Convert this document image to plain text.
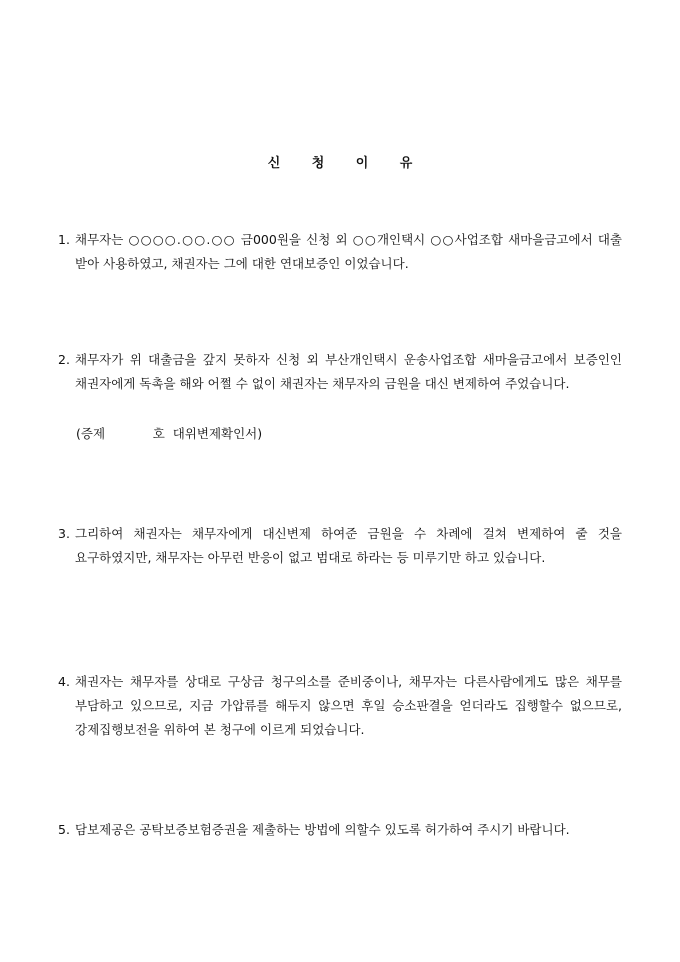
신	청	이	유
1. 채무자는 ○○○○.○○.○○ 금000원을 신청 외 ○○개인택시 ○○사업조합 새마을금고에서 대출 받아 사용하였고, 채권자는 그에 대한 연대보증인 이었습니다.
2. 채무자가 위 대출금을 갚지 못하자 신청 외 부산개인택시 운송사업조합 새마을금고에서 보증인인 채권자에게 독촉을 해와 어쩔 수 없이 채권자는 채무자의 금원을 대신 변제하여 주었습니다.
(증제            호  대위변제확인서)
3. 그리하여 채권자는 채무자에게 대신변제 하여준 금원을 수 차례에 걸쳐 변제하여 줄 것을 요구하였지만, 채무자는 아무런 반응이 없고 범대로 하라는 등 미루기만 하고 있습니다.
4. 채권자는 채무자를 상대로 구상금 청구의소를 준비중이나, 채무자는 다른사람에게도 많은 채무를 부담하고 있으므로, 지금 가압류를 해두지 않으면 후일 승소판결을 얻더라도 집행할수 없으므로, 강제집행보전을 위하여 본 청구에 이르게 되었습니다.
5. 담보제공은 공탁보증보험증권을 제출하는 방법에 의할수 있도록 허가하여 주시기 바랍니다.
